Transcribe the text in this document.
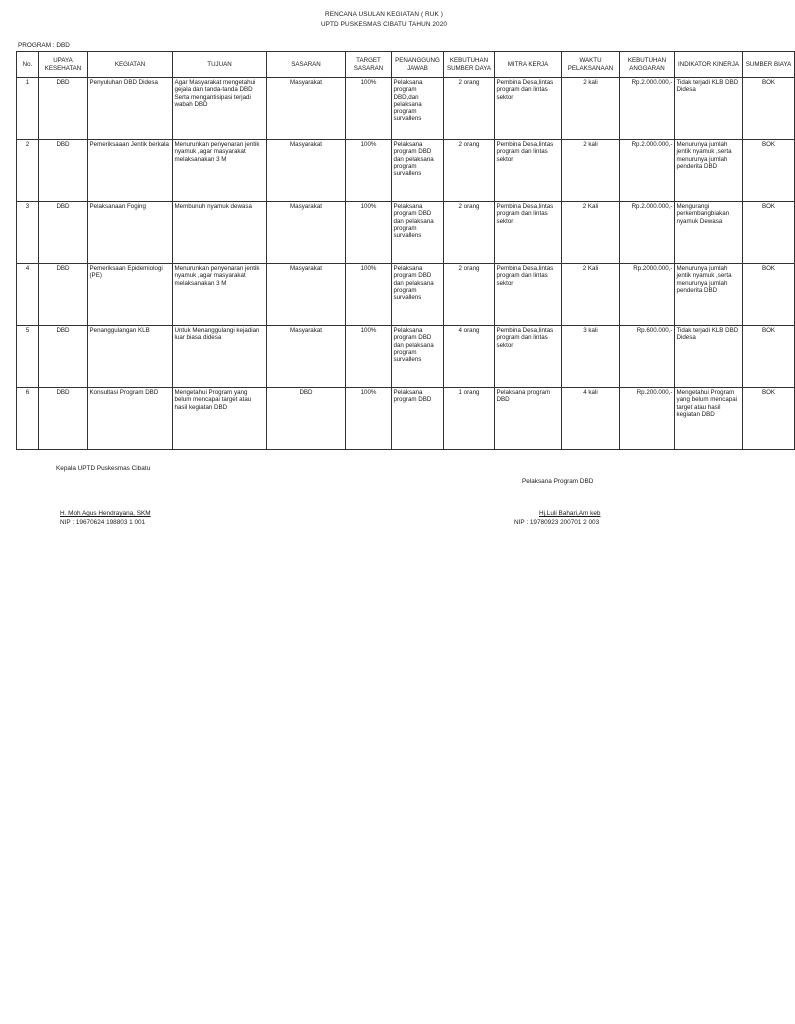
RENCANA USULAN KEGIATAN ( RUK )
UPTD PUSKESMAS CIBATU TAHUN 2020
PROGRAM : DBD
No.	UPAYA KESEHATAN	KEGIATAN	TUJUAN	SASARAN	TARGET SASARAN	PENANGGUNG JAWAB	KEBUTUHAN SUMBER DAYA	MITRA KERJA	WAKTU PELAKSANAAN	KEBUTUHAN ANGGARAN	INDIKATOR KINERJA	SUMBER BIAYA
1	DBD	Penyuluhan DBD Didesa	Agar Masyarakat mengetahui gejala dan tanda-tanda DBD Serta mengantisipasi terjadi wabah DBD	Masyarakat	100%	Pelaksana program DBD,dan pelaksana program survallens	2 orang	Pembina Desa,lintas program dan lintas sektor	2 kali	Rp.2.000.000,-	Tidak terjadi KLB DBD Didesa	BOK
2	DBD	Pemeriksaaan Jentik berkala	Menurunkan penyenaran jentik nyamuk ,agar masyarakat melaksanakan 3 M	Masyarakat	100%	Pelaksana program DBD dan pelaksana program survallens	2 orang	Pembina Desa,lintas program dan lintas sektor	2 kali	Rp.2.000.000,-	Menurunya jumlah jentik nyamuk ,serta menurunya jumlah penderita DBD	BOK
3	DBD	Pelaksanaan Foging	Membunuh nyamuk dewasa	Masyarakat	100%	Pelaksana program DBD dan pelaksana program survallens	2 orang	Pembina Desa,lintas program dan lintas sektor	2 Kali	Rp.2.000.000,-	Mengurangi perkembangbiakan nyamuk Dewasa	BOK
4	DBD	Pemeriksaan Epidemiologi (PE)	Menurunkan penyenaran jentik nyamuk ,agar masyarakat melaksanakan 3 M	Masyarakat	100%	Pelaksana program DBD dan pelaksana program survallens	2 orang	Pembina Desa,lintas program dan lintas sektor	2 Kali	Rp.2000.000,-	Menurunya jumlah jentik nyamuk ,serta menurunya jumlah penderita DBD	BOK
5	DBD	Penanggulangan KLB	Untuk Menanggulangi kejadian luar biasa didesa	Masyarakat	100%	Pelaksana program DBD dan pelaksana program survallens	4 orang	Pembina Desa,lintas program dan lintas sektor	3 kali	Rp.600.000,-	Tidak terjadi KLB DBD Didesa	BOK
6	DBD	Konsultasi Program DBD	Mengetahui Program yang belum mencapai target atau hasil kegiatan DBD	DBD	100%	Pelaksana program DBD	1 orang	Pelaksana program DBD	4 kali	Rp.200.000,-	Mengetahui Program yang belum mencapai target atau hasil kegiatan DBD	BOK
Kepala UPTD Puskesmas Cibatu
H. Moh Agus Hendrayana, SKM
NIP : 19670624 198803 1 001
Pelaksana Program DBD
Hj.Luli Bahari,Am keb
NIP : 19780923 200701 2 003
